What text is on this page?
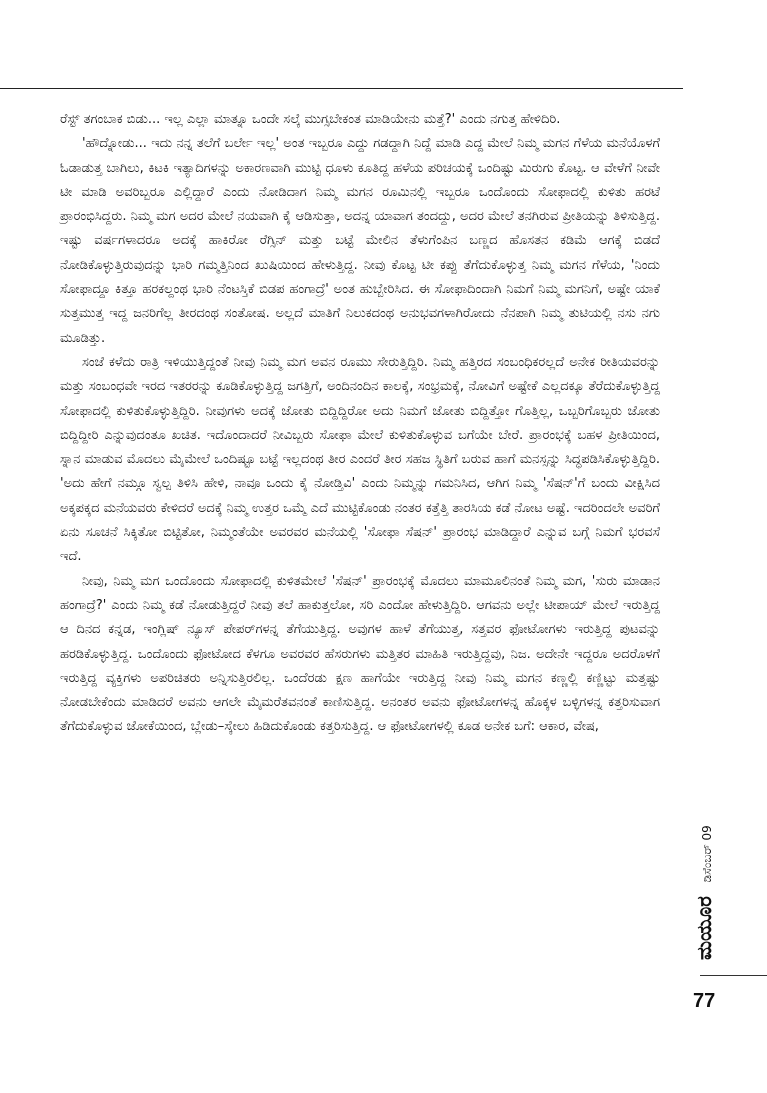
ರೆಸ್ಟ್ ತಗಂಬಾಕ ಬಿಡು... ಇಲ್ಲ ಎಲ್ಲಾ ಮಾತ್ನೂ ಒಂದೇ ಸಲ್ಕೆ ಮುಗ್ಸಬೇಕಂತ ಮಾಡಿಯೇನು ಮತ್ತೆ?' ಎಂದು ನಗುತ್ತ ಹೇಳಿದಿರಿ.

'ಹೌದ್ನೋಡು... ಇದು ನನ್ನ ತಲೆಗೆ ಬರ್ಲೇ ಇಲ್ಲ' ಅಂತ ಇಬ್ಬರೂ ಎದ್ದು ಗಡದ್ದಾಗಿ ನಿದ್ದೆ ಮಾಡಿ ಎದ್ದ ಮೇಲೆ ನಿಮ್ಮ ಮಗನ ಗೆಳೆಯ ಮನೆಯೊಳಗೆ ಓಡಾಡುತ್ತ ಬಾಗಿಲು, ಕಿಟಕಿ ಇತ್ಯಾದಿಗಳನ್ನು ಅಕಾರಣವಾಗಿ ಮುಟ್ಟಿ ಧೂಳು ಕೂತಿದ್ದ ಹಳೆಯ ಪರಿಚಯಕ್ಕೆ ಒಂದಿಷ್ಟು ಮಿರುಗು ಕೊಟ್ಟ. ಆ ವೇಳೆಗೆ ನೀವೇ ಟೀ ಮಾಡಿ ಅವರಿಬ್ಬರೂ ಎಲ್ಲಿದ್ದಾರೆ ಎಂದು ನೋಡಿದಾಗ ನಿಮ್ಮ ಮಗನ ರೂಮಿನಲ್ಲಿ ಇಬ್ಬರೂ ಒಂದೊಂದು ಸೋಫಾದಲ್ಲಿ ಕುಳಿತು ಹರಟೆ ಪ್ರಾರಂಭಿಸಿದ್ದರು. ನಿಮ್ಮ ಮಗ ಅದರ ಮೇಲೆ ನಯವಾಗಿ ಕೈ ಆಡಿಸುತ್ತಾ, ಅದನ್ನ ಯಾವಾಗ ತಂದದ್ದು, ಅದರ ಮೇಲೆ ತನಗಿರುವ ಪ್ರೀತಿಯನ್ನು ತಿಳಿಸುತ್ತಿದ್ದ. ಇಷ್ಟು ವರ್ಷಗಳಾದರೂ ಅದಕ್ಕೆ ಹಾಕಿರೋ ರೆಗ್ಸಿನ್ ಮತ್ತು ಬಟ್ಟೆ ಮೇಲಿನ ತೆಳುಗೆಂಪಿನ ಬಣ್ಣದ ಹೊಸತನ ಕಡಿಮೆ ಆಗಕ್ಕೆ ಬಿಡದೆ ನೋಡಿಕೊಳ್ಳುತ್ತಿರುವುದನ್ನು ಭಾರಿ ಗಮ್ಮತ್ತಿನಿಂದ ಖುಷಿಯಿಂದ ಹೇಳುತ್ತಿದ್ದ. ನೀವು ಕೊಟ್ಟ ಟೀ ಕಪ್ಪು ತೆಗೆದುಕೊಳ್ಳುತ್ತ ನಿಮ್ಮ ಮಗನ ಗೆಳೆಯ, 'ನಿಂದು ಸೋಫಾದ್ದೂ ಕಿತ್ತೂ ಹರಕಲ್ದಂಥ ಭಾರಿ ನೆಂಟಸ್ತಿಕೆ ಬಿಡಪ ಹಂಗಾದ್ರೆ' ಅಂತ ಹುಬ್ಬೇರಿಸಿದ. ಈ ಸೋಫಾದಿಂದಾಗಿ ನಿಮಗೆ ನಿಮ್ಮ ಮಗನಿಗೆ, ಅಷ್ಟೇ ಯಾಕೆ ಸುತ್ತಮುತ್ತ ಇದ್ದ ಜನರಿಗೆಲ್ಲ ತೀರದಂಥ ಸಂತೋಷ. ಅಲ್ಲದೆ ಮಾತಿಗೆ ನಿಲುಕದಂಥ ಅನುಭವಗಳಾಗಿರೋದು ನೆನಪಾಗಿ ನಿಮ್ಮ ತುಟಿಯಲ್ಲಿ ನಸು ನಗು ಮೂಡಿತ್ತು.

ಸಂಜೆ ಕಳೆದು ರಾತ್ರಿ ಇಳಿಯುತ್ತಿದ್ದಂತೆ ನೀವು ನಿಮ್ಮ ಮಗ ಅವನ ರೂಮು ಸೇರುತ್ತಿದ್ದಿರಿ. ನಿಮ್ಮ ಹತ್ತಿರದ ಸಂಬಂಧಿಕರಲ್ಲದೆ ಅನೇಕ ರೀತಿಯವರನ್ನು ಮತ್ತು ಸಂಬಂಧವೇ ಇರದ ಇತರರನ್ನು ಕೂಡಿಕೊಳ್ಳುತ್ತಿದ್ದ ಜಗತ್ತಿಗೆ, ಅಂದಿನಂದಿನ ಕಾಲಕ್ಕೆ, ಸಂಭ್ರಮಕ್ಕೆ, ನೋವಿಗೆ ಅಷ್ಟೇಕೆ ಎಲ್ಲದಕ್ಕೂ ತೆರೆದುಕೊಳ್ಳುತ್ತಿದ್ದ ಸೋಫಾದಲ್ಲಿ ಕುಳಿತುಕೊಳ್ಳುತ್ತಿದ್ದಿರಿ. ನೀವುಗಳು ಅದಕ್ಕೆ ಜೋತು ಬಿದ್ದಿದ್ದಿರೋ ಅದು ನಿಮಗೆ ಜೋತು ಬಿದ್ದಿತ್ತೋ ಗೊತ್ತಿಲ್ಲ, ಒಬ್ಬರಿಗೊಬ್ಬರು ಜೋತು ಬಿದ್ದಿದ್ದೀರಿ ಎನ್ನುವುದಂತೂ ಖಚಿತ. ಇದೊಂದಾದರೆ ನೀವಿಬ್ಬರು ಸೋಫಾ ಮೇಲೆ ಕುಳಿತುಕೊಳ್ಳುವ ಬಗೆಯೇ ಬೇರೆ. ಪ್ರಾರಂಭಕ್ಕೆ ಬಹಳ ಪ್ರೀತಿಯಿಂದ, ಸ್ನಾನ ಮಾಡುವ ಮೊದಲು ಮೈಮೇಲೆ ಒಂದಿಷ್ಟೂ ಬಟ್ಟೆ ಇಲ್ಲದಂಥ ತೀರ ಎಂದರೆ ತೀರ ಸಹಜ ಸ್ಥಿತಿಗೆ ಬರುವ ಹಾಗೆ ಮನಸ್ಸನ್ನು ಸಿದ್ಧಪಡಿಸಿಕೊಳ್ಳುತ್ತಿದ್ದಿರಿ. 'ಅದು ಹೇಗೆ ನಮ್ಗೂ ಸ್ವಲ್ಪ ತಿಳಿಸಿ ಹೇಳಿ, ನಾವೂ ಒಂದು ಕೈ ನೋಡ್ತಿವಿ' ಎಂದು ನಿಮ್ಮನ್ನು ಗಮನಿಸಿದ, ಆಗಿಗ ನಿಮ್ಮ 'ಸೆಷನ್'ಗೆ ಬಂದು ವೀಕ್ಷಿಸಿದ ಅಕ್ಕಪಕ್ಕದ ಮನೆಯವರು ಕೇಳಿದರೆ ಅದಕ್ಕೆ ನಿಮ್ಮ ಉತ್ತರ ಒಮ್ಮೆ ಎದೆ ಮುಟ್ಟಿಕೊಂಡು ನಂತರ ಕತ್ತೆತ್ತಿ ತಾರಸಿಯ ಕಡೆ ನೋಟ ಅಷ್ಟೆ. ಇದರಿಂದಲೇ ಅವರಿಗೆ ಏನು ಸೂಚನೆ ಸಿಕ್ಕಿತೋ ಬಿಟ್ಟಿತೋ, ನಿಮ್ಮಂತೆಯೇ ಅವರವರ ಮನೆಯಲ್ಲಿ 'ಸೋಫಾ ಸೆಷನ್' ಪ್ರಾರಂಭ ಮಾಡಿದ್ದಾರೆ ಎನ್ನುವ ಬಗ್ಗೆ ನಿಮಗೆ ಭರವಸೆ ಇದೆ.

ನೀವು, ನಿಮ್ಮ ಮಗ ಒಂದೊಂದು ಸೋಫಾದಲ್ಲಿ ಕುಳಿತಮೇಲೆ 'ಸೆಷನ್' ಪ್ರಾರಂಭಕ್ಕೆ ಮೊದಲು ಮಾಮೂಲಿನಂತೆ ನಿಮ್ಮ ಮಗ, 'ಸುರು ಮಾಡಾನ ಹಂಗಾದ್ರೆ?' ಎಂದು ನಿಮ್ಮ ಕಡೆ ನೋಡುತ್ತಿದ್ದರೆ ನೀವು ತಲೆ ಹಾಕುತ್ತಲೋ, ಸರಿ ಎಂದೋ ಹೇಳುತ್ತಿದ್ದಿರಿ. ಆಗವನು ಅಲ್ಲೇ ಟೀಪಾಯ್ ಮೇಲೆ ಇರುತ್ತಿದ್ದ ಆ ದಿನದ ಕನ್ನಡ, ಇಂಗ್ಲಿಷ್ ನ್ಯೂಸ್ ಪೇಪರ್‌ಗಳನ್ನ ತೆಗೆಯುತ್ತಿದ್ದ. ಅವುಗಳ ಹಾಳೆ ತೆಗೆಯುತ್ತ, ಸತ್ತವರ ಫೋಟೋಗಳು ಇರುತ್ತಿದ್ದ ಪುಟವನ್ನು ಹರಡಿಕೊಳ್ಳುತ್ತಿದ್ದ. ಒಂದೊಂದು ಫೋಟೋದ ಕೆಳಗೂ ಅವರವರ ಹೆಸರುಗಳು ಮತ್ತಿತರ ಮಾಹಿತಿ ಇರುತ್ತಿದ್ದವು, ನಿಜ. ಅದೇನೇ ಇದ್ದರೂ ಅದರೊಳಗೆ ಇರುತ್ತಿದ್ದ ವ್ಯಕ್ತಿಗಳು ಅಪರಿಚಿತರು ಅನ್ನಿಸುತ್ತಿರಲಿಲ್ಲ. ಒಂದೆರಡು ಕ್ಷಣ ಹಾಗೆಯೇ ಇರುತ್ತಿದ್ದ ನೀವು ನಿಮ್ಮ ಮಗನ ಕಣ್ಣಲ್ಲಿ ಕಣ್ಣಿಟ್ಟು ಮತ್ತಷ್ಟು ನೋಡಬೇಕೆಂದು ಮಾಡಿದರೆ ಅವನು ಆಗಲೇ ಮೈಮರೆತವನಂತೆ ಕಾಣಿಸುತ್ತಿದ್ದ. ಅನಂತರ ಅವನು ಫೋಟೋಗಳನ್ನ ಹೊಕ್ಕಳ ಬಳ್ಳಿಗಳನ್ನ ಕತ್ತರಿಸುವಾಗ ತೆಗೆದುಕೊಳ್ಳುವ ಜೋಕೆಯಿಂದ, ಬ್ಲೇಡು–ಸ್ಕೇಲು ಹಿಡಿದುಕೊಂಡು ಕತ್ತರಿಸುತ್ತಿದ್ದ. ಆ ಫೋಟೋಗಳಲ್ಲಿ ಕೂಡ ಅನೇಕ ಬಗೆ: ಆಕಾರ, ವೇಷ,

ಮಯೂರ ಡಿಸೆಂಬರ್ 09
77
